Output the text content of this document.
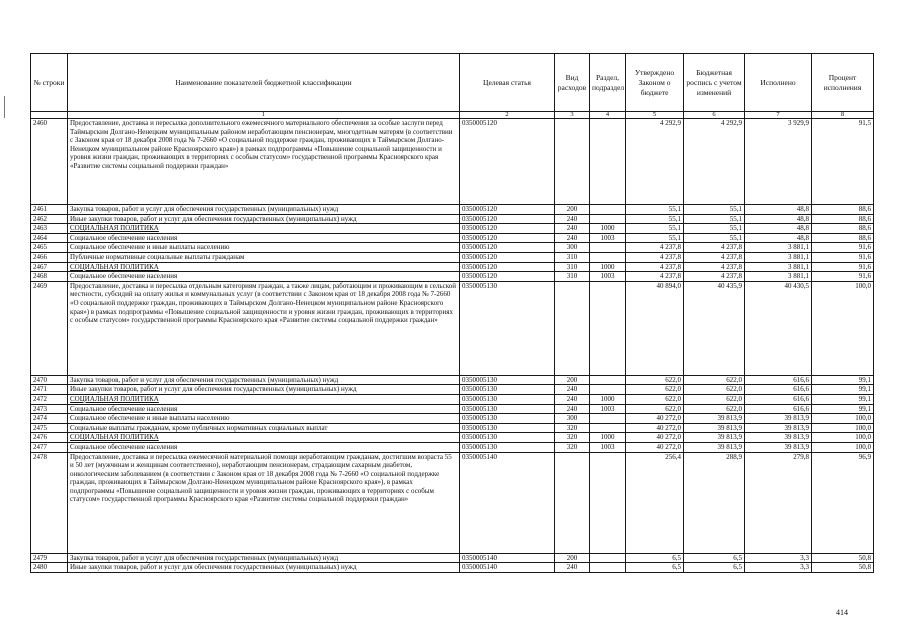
№ строки	Наименование показателей бюджетной классификации	Целевая статья	Вид расходов	Раздел, подраздел	Утверждено Законом о бюджете	Бюджетная роспись с учетом изменений	Исполнено	Процент исполнения
	1	2	3	4	5	6	7	8
2460	Предоставление, доставка и пересылка дополнительного ежемесячного материального обеспечения за особые заслуги перед Таймырским Долгано-Ненецким муниципальным районом неработающим пенсионерам, многодетным матерям (в соответствии с Законом края от 18 декабря 2008 года № 7-2660 «О социальной поддержке граждан, проживающих в Таймырском Долгано-Ненецком муниципальном районе Красноярского края») в рамках подпрограммы «Повышение социальной защищенности и уровня жизни граждан, проживающих в территориях с особым статусом» государственной программы Красноярского края «Развитие системы социальной поддержки граждан»	0350005120			4 292,9	4 292,9	3 929,9	91,5
2461	Закупка товаров, работ и услуг для обеспечения государственных (муниципальных) нужд	0350005120	200		55,1	55,1	48,8	88,6
2462	Иные закупки товаров, работ и услуг для обеспечения государственных (муниципальных) нужд	0350005120	240		55,1	55,1	48,8	88,6
2463	СОЦИАЛЬНАЯ ПОЛИТИКА	0350005120	240	1000	55,1	55,1	48,8	88,6
2464	Социальное обеспечение населения	0350005120	240	1003	55,1	55,1	48,8	88,6
2465	Социальное обеспечение и иные выплаты населению	0350005120	300		4 237,8	4 237,8	3 881,1	91,6
2466	Публичные нормативные социальные выплаты гражданам	0350005120	310		4 237,8	4 237,8	3 881,1	91,6
2467	СОЦИАЛЬНАЯ ПОЛИТИКА	0350005120	310	1000	4 237,8	4 237,8	3 881,1	91,6
2468	Социальное обеспечение населения	0350005120	310	1003	4 237,8	4 237,8	3 881,1	91,6
2469	Предоставление, доставка и пересылка отдельным категориям граждан, а также лицам, работающим и проживающим в сельской местности, субсидий на оплату жилья и коммунальных услуг (в соответствии с Законом края от 18 декабря 2008 года № 7-2660 «О социальной поддержке граждан, проживающих в Таймырском Долгано-Ненецком муниципальном районе Красноярского края») в рамках подпрограммы «Повышение социальной защищенности и уровня жизни граждан, проживающих в территориях с особым статусом» государственной программы Красноярского края «Развитие системы социальной поддержки граждан»	0350005130			40 894,0	40 435,9	40 430,5	100,0
2470	Закупка товаров, работ и услуг для обеспечения государственных (муниципальных) нужд	0350005130	200		622,0	622,0	616,6	99,1
2471	Иные закупки товаров, работ и услуг для обеспечения государственных (муниципальных) нужд	0350005130	240		622,0	622,0	616,6	99,1
2472	СОЦИАЛЬНАЯ ПОЛИТИКА	0350005130	240	1000	622,0	622,0	616,6	99,1
2473	Социальное обеспечение населения	0350005130	240	1003	622,0	622,0	616,6	99,1
2474	Социальное обеспечение и иные выплаты населению	0350005130	300		40 272,0	39 813,9	39 813,9	100,0
2475	Социальные выплаты гражданам, кроме публичных нормативных социальных выплат	0350005130	320		40 272,0	39 813,9	39 813,9	100,0
2476	СОЦИАЛЬНАЯ ПОЛИТИКА	0350005130	320	1000	40 272,0	39 813,9	39 813,9	100,0
2477	Социальное обеспечение населения	0350005130	320	1003	40 272,0	39 813,9	39 813,9	100,0
2478	Предоставление, доставка и пересылка ежемесячной материальной помощи неработающим гражданам, достигшим возраста 55 и 50 лет (мужчинам и женщинам соответственно), неработающим пенсионерам, страдающим сахарным диабетом, онкологическим заболеванием (в соответствии с Законом края от 18 декабря 2008 года № 7-2660 «О социальной поддержке граждан, проживающих в Таймырском Долгано-Ненецком муниципальном районе Красноярского края»), в рамках подпрограммы «Повышение социальной защищенности и уровня жизни граждан, проживающих в территориях с особым статусом» государственной программы Красноярского края «Развитие системы социальной поддержки граждан»	0350005140			256,4	288,9	279,8	96,9
2479	Закупка товаров, работ и услуг для обеспечения государственных (муниципальных) нужд	0350005140	200		6,5	6,5	3,3	50,8
2480	Иные закупки товаров, работ и услуг для обеспечения государственных (муниципальных) нужд	0350005140	240		6,5	6,5	3,3	50,8
414
